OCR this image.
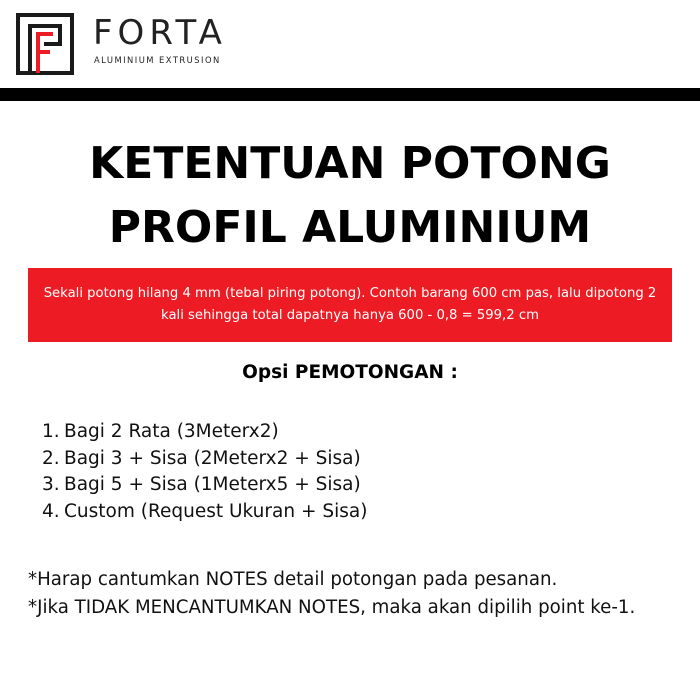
FORTA
ALUMINIUM EXTRUSION
KETENTUAN POTONG
PROFIL ALUMINIUM
Sekali potong hilang 4 mm (tebal piring potong). Contoh barang 600 cm pas, lalu dipotong 2 kali sehingga total dapatnya hanya 600 - 0,8 = 599,2 cm
Opsi PEMOTONGAN :
1. Bagi 2 Rata (3Meterx2)
2. Bagi 3 + Sisa (2Meterx2 + Sisa)
3. Bagi 5 + Sisa (1Meterx5 + Sisa)
4. Custom (Request Ukuran + Sisa)

*Harap cantumkan NOTES detail potongan pada pesanan.

*Jika TIDAK MENCANTUMKAN NOTES, maka akan dipilih point ke-1.
